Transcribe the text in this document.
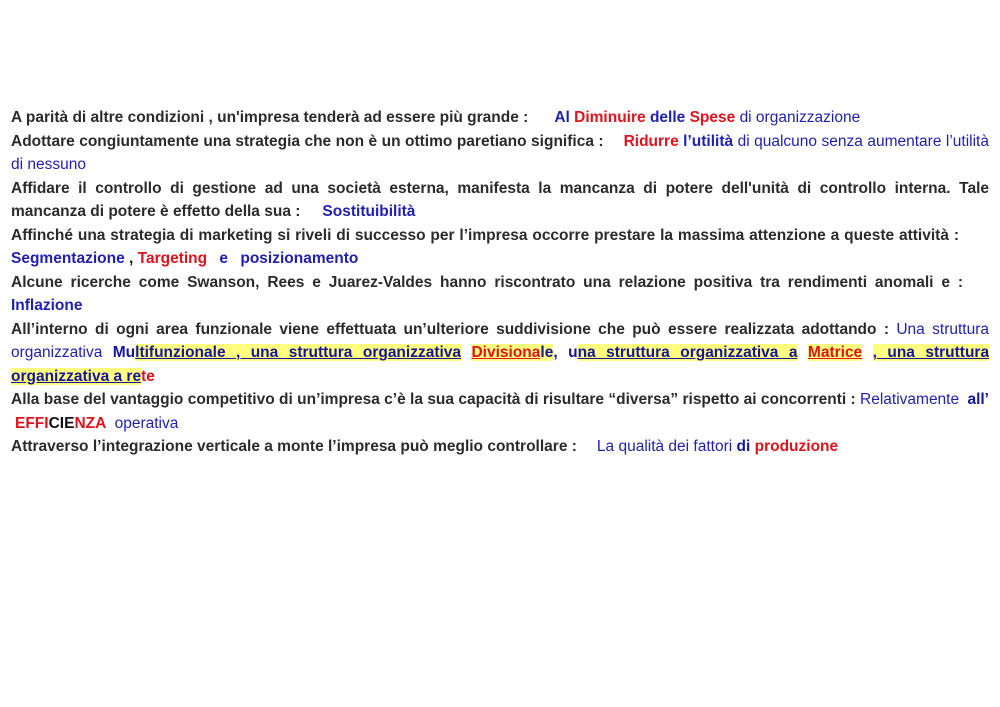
A parità di altre condizioni , un'impresa tenderà ad essere più grande : Al Diminuire delle Spese di organizzazione

Adottare congiuntamente una strategia che non è un ottimo paretiano significa : Ridurre l’utilità di qualcuno senza aumentare l’utilità di nessuno

Affidare il controllo di gestione ad una società esterna, manifesta la mancanza di potere dell'unità di controllo interna. Tale mancanza di potere è effetto della sua : Sostituibilità

Affinché una strategia di marketing si riveli di successo per l’impresa occorre prestare la massima attenzione a queste attività :Segmentazione , Targeting e posizionamento

Alcune ricerche come Swanson, Rees e Juarez-Valdes hanno riscontrato una relazione positiva tra rendimenti anomali e :Inflazione

All’interno di ogni area funzionale viene effettuata un’ulteriore suddivisione che può essere realizzata adottando : Una struttura organizzativa Multifunzionale , una struttura organizzativa Divisionale, una struttura organizzativa a Matrice , una struttura organizzativa a rete

Alla base del vantaggio competitivo di un’impresa c’è la sua capacità di risultare “diversa” rispetto ai concorrenti : Relativamente all’ EFFICIENZA operativa

Attraverso l’integrazione verticale a monte l’impresa può meglio controllare : La qualità dei fattori di produzione
